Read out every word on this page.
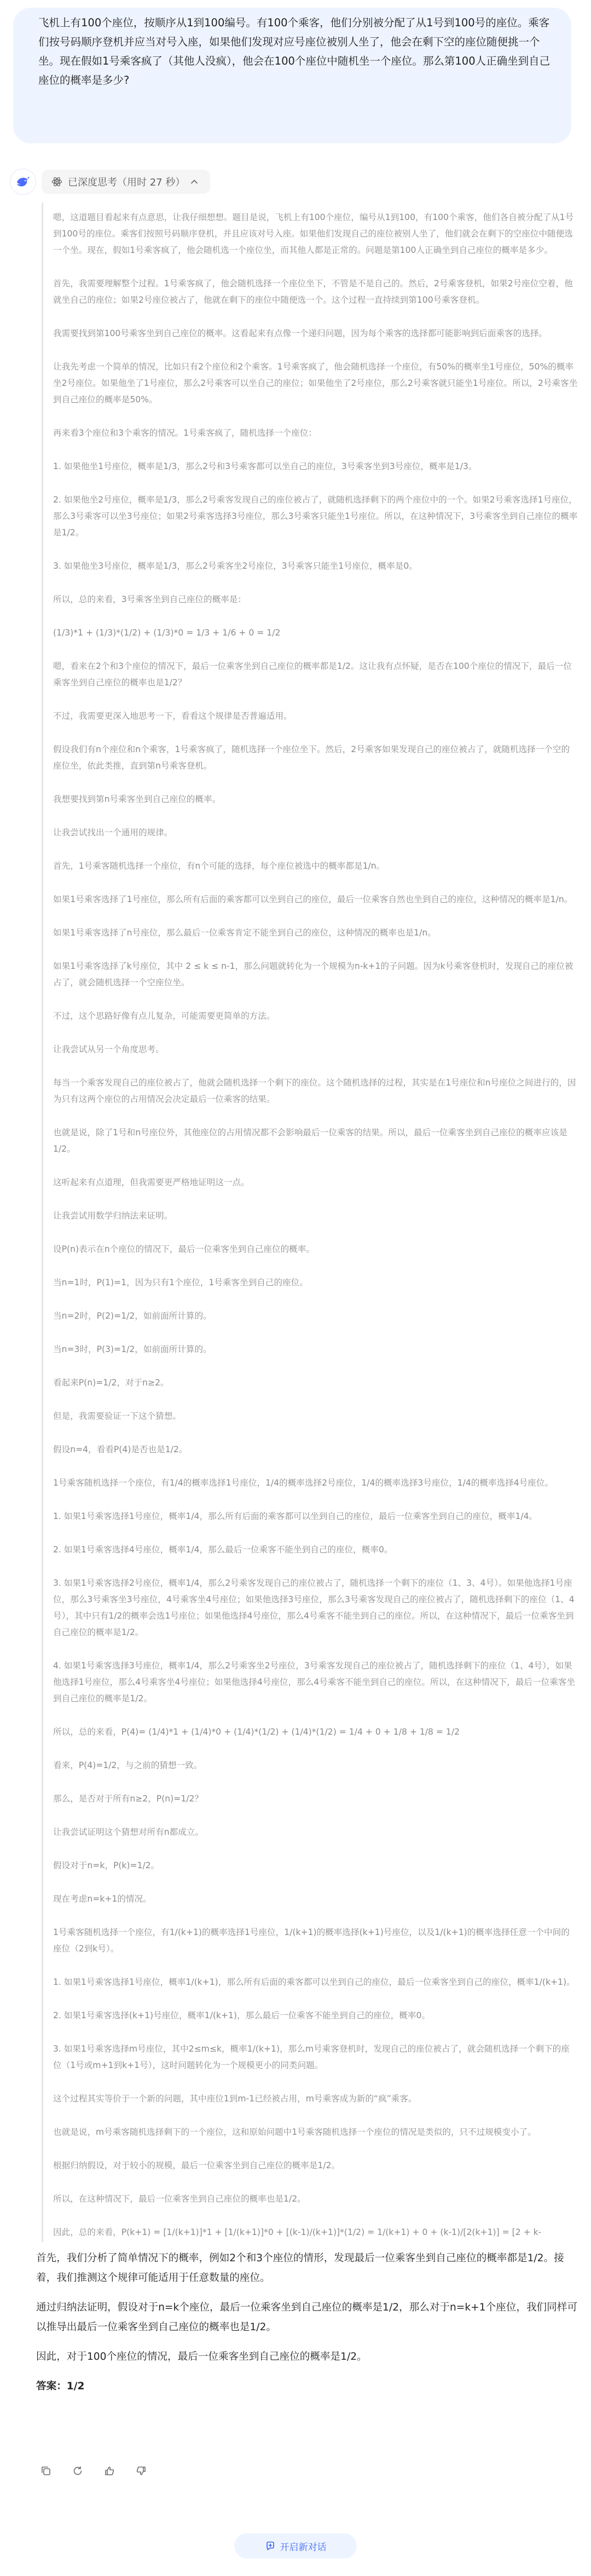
飞机上有100个座位，按顺序从1到100编号。有100个乘客，他们分别被分配了从1号到100号的座位。乘客们按号码顺序登机并应当对号入座，如果他们发现对应号座位被别人坐了，他会在剩下空的座位随便挑一个坐。现在假如1号乘客疯了（其他人没疯），他会在100个座位中随机坐一个座位。那么第100人正确坐到自己座位的概率是多少?
已深度思考（用时 27 秒）

嗯，这道题目看起来有点意思，让我仔细想想。题目是说，飞机上有100个座位，编号从1到100，有100个乘客，他们各自被分配了从1号到100号的座位。乘客们按照号码顺序登机，并且应该对号入座。如果他们发现自己的座位被别人坐了，他们就会在剩下的空座位中随便选一个坐。现在，假如1号乘客疯了，他会随机选一个座位坐，而其他人都是正常的。问题是第100人正确坐到自己座位的概率是多少。

首先，我需要理解整个过程。1号乘客疯了，他会随机选择一个座位坐下，不管是不是自己的。然后，2号乘客登机，如果2号座位空着，他就坐自己的座位；如果2号座位被占了，他就在剩下的座位中随便选一个。这个过程一直持续到第100号乘客登机。

我需要找到第100号乘客坐到自己座位的概率。这看起来有点像一个递归问题，因为每个乘客的选择都可能影响到后面乘客的选择。

让我先考虑一个简单的情况，比如只有2个座位和2个乘客。1号乘客疯了，他会随机选择一个座位，有50%的概率坐1号座位，50%的概率坐2号座位。如果他坐了1号座位，那么2号乘客可以坐自己的座位；如果他坐了2号座位，那么2号乘客就只能坐1号座位。所以，2号乘客坐到自己座位的概率是50%。

再来看3个座位和3个乘客的情况。1号乘客疯了，随机选择一个座位：

1. 如果他坐1号座位，概率是1/3，那么2号和3号乘客都可以坐自己的座位，3号乘客坐到3号座位，概率是1/3。

2. 如果他坐2号座位，概率是1/3，那么2号乘客发现自己的座位被占了，就随机选择剩下的两个座位中的一个。如果2号乘客选择1号座位，那么3号乘客可以坐3号座位；如果2号乘客选择3号座位，那么3号乘客只能坐1号座位。所以，在这种情况下，3号乘客坐到自己座位的概率是1/2。

3. 如果他坐3号座位，概率是1/3，那么2号乘客坐2号座位，3号乘客只能坐1号座位，概率是0。

所以，总的来看，3号乘客坐到自己座位的概率是：

(1/3)*1 + (1/3)*(1/2) + (1/3)*0 = 1/3 + 1/6 + 0 = 1/2

嗯，看来在2个和3个座位的情况下，最后一位乘客坐到自己座位的概率都是1/2。这让我有点怀疑，是否在100个座位的情况下，最后一位乘客坐到自己座位的概率也是1/2？

不过，我需要更深入地思考一下，看看这个规律是否普遍适用。

假设我们有n个座位和n个乘客，1号乘客疯了，随机选择一个座位坐下。然后，2号乘客如果发现自己的座位被占了，就随机选择一个空的座位坐，依此类推，直到第n号乘客登机。

我想要找到第n号乘客坐到自己座位的概率。

让我尝试找出一个通用的规律。

首先，1号乘客随机选择一个座位，有n个可能的选择，每个座位被选中的概率都是1/n。

如果1号乘客选择了1号座位，那么所有后面的乘客都可以坐到自己的座位，最后一位乘客自然也坐到自己的座位，这种情况的概率是1/n。

如果1号乘客选择了n号座位，那么最后一位乘客肯定不能坐到自己的座位，这种情况的概率也是1/n。

如果1号乘客选择了k号座位，其中 2 ≤ k ≤ n-1，那么问题就转化为一个规模为n-k+1的子问题。因为k号乘客登机时，发现自己的座位被占了，就会随机选择一个空座位坐。

不过，这个思路好像有点儿复杂，可能需要更简单的方法。

让我尝试从另一个角度思考。

每当一个乘客发现自己的座位被占了，他就会随机选择一个剩下的座位。这个随机选择的过程，其实是在1号座位和n号座位之间进行的，因为只有这两个座位的占用情况会决定最后一位乘客的结果。

也就是说，除了1号和n号座位外，其他座位的占用情况都不会影响最后一位乘客的结果。所以，最后一位乘客坐到自己座位的概率应该是1/2。

这听起来有点道理，但我需要更严格地证明这一点。

让我尝试用数学归纳法来证明。

设P(n)表示在n个座位的情况下，最后一位乘客坐到自己座位的概率。

当n=1时，P(1)=1，因为只有1个座位，1号乘客坐到自己的座位。

当n=2时，P(2)=1/2，如前面所计算的。

当n=3时，P(3)=1/2，如前面所计算的。

看起来P(n)=1/2，对于n≥2。

但是，我需要验证一下这个猜想。

假设n=4，看看P(4)是否也是1/2。

1号乘客随机选择一个座位，有1/4的概率选择1号座位，1/4的概率选择2号座位，1/4的概率选择3号座位，1/4的概率选择4号座位。

1. 如果1号乘客选择1号座位，概率1/4，那么所有后面的乘客都可以坐到自己的座位，最后一位乘客坐到自己的座位，概率1/4。

2. 如果1号乘客选择4号座位，概率1/4，那么最后一位乘客不能坐到自己的座位，概率0。

3. 如果1号乘客选择2号座位，概率1/4，那么2号乘客发现自己的座位被占了，随机选择一个剩下的座位（1、3、4号）。如果他选择1号座位，那么3号乘客坐3号座位，4号乘客坐4号座位；如果他选择3号座位，那么3号乘客发现自己的座位被占了，随机选择剩下的座位（1、4号），其中只有1/2的概率会选1号座位；如果他选择4号座位，那么4号乘客不能坐到自己的座位。所以，在这种情况下，最后一位乘客坐到自己座位的概率是1/2。

4. 如果1号乘客选择3号座位，概率1/4，那么2号乘客坐2号座位，3号乘客发现自己的座位被占了，随机选择剩下的座位（1、4号），如果他选择1号座位，那么4号乘客坐4号座位；如果他选择4号座位，那么4号乘客不能坐到自己的座位。所以，在这种情况下，最后一位乘客坐到自己座位的概率是1/2。

所以，总的来看，P(4)= (1/4)*1 + (1/4)*0 + (1/4)*(1/2) + (1/4)*(1/2) = 1/4 + 0 + 1/8 + 1/8 = 1/2

看来，P(4)=1/2，与之前的猜想一致。

那么，是否对于所有n≥2，P(n)=1/2？

让我尝试证明这个猜想对所有n都成立。

假设对于n=k，P(k)=1/2。

现在考虑n=k+1的情况。

1号乘客随机选择一个座位，有1/(k+1)的概率选择1号座位，1/(k+1)的概率选择(k+1)号座位，以及1/(k+1)的概率选择任意一个中间的座位（2到k号）。

1. 如果1号乘客选择1号座位，概率1/(k+1)，那么所有后面的乘客都可以坐到自己的座位，最后一位乘客坐到自己的座位，概率1/(k+1)。

2. 如果1号乘客选择(k+1)号座位，概率1/(k+1)，那么最后一位乘客不能坐到自己的座位，概率0。

3. 如果1号乘客选择m号座位，其中2≤m≤k，概率1/(k+1)，那么m号乘客登机时，发现自己的座位被占了，就会随机选择一个剩下的座位（1号或m+1到k+1号），这时问题转化为一个规模更小的同类问题。

这个过程其实等价于一个新的问题，其中座位1到m-1已经被占用，m号乘客成为新的“疯”乘客。

也就是说，m号乘客随机选择剩下的一个座位，这和原始问题中1号乘客随机选择一个座位的情况是类似的，只不过规模变小了。

根据归纳假设，对于较小的规模，最后一位乘客坐到自己座位的概率是1/2。

所以，在这种情况下，最后一位乘客坐到自己座位的概率也是1/2。

因此，总的来看，P(k+1) = [1/(k+1)]*1 + [1/(k+1)]*0 + [(k-1)/(k+1)]*(1/2) = 1/(k+1) + 0 + (k-1)/[2(k+1)] = [2 + k-

首先，我们分析了简单情况下的概率，例如2个和3个座位的情形，发现最后一位乘客坐到自己座位的概率都是1/2。接着，我们推测这个规律可能适用于任意数量的座位。

通过归纳法证明，假设对于n=k个座位，最后一位乘客坐到自己座位的概率是1/2，那么对于n=k+1个座位，我们同样可以推导出最后一位乘客坐到自己座位的概率也是1/2。

因此，对于100个座位的情况，最后一位乘客坐到自己座位的概率是1/2。

答案：1/2

开启新对话
